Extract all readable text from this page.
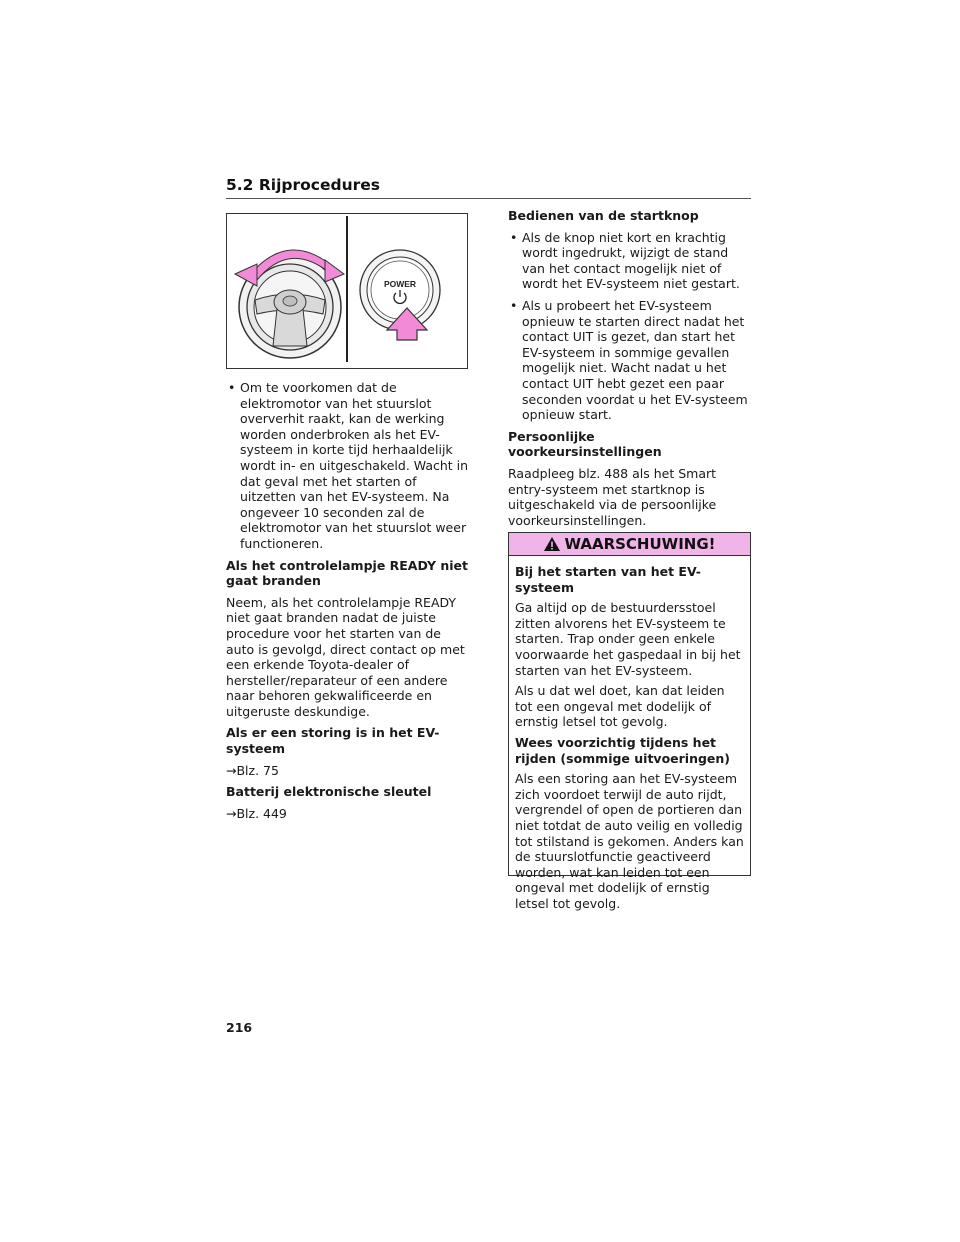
5.2 Rijprocedures
POWER
• Om te voorkomen dat de elektromotor van het stuurslot oververhit raakt, kan de werking worden onderbroken als het EV-systeem in korte tijd herhaaldelijk wordt in- en uitgeschakeld. Wacht in dat geval met het starten of uitzetten van het EV-systeem. Na ongeveer 10 seconden zal de elektromotor van het stuurslot weer functioneren.
Als het controlelampje READY niet gaat branden
Neem, als het controlelampje READY niet gaat branden nadat de juiste procedure voor het starten van de auto is gevolgd, direct contact op met een erkende Toyota-dealer of hersteller/reparateur of een andere naar behoren gekwalificeerde en uitgeruste deskundige.
Als er een storing is in het EV-systeem
→Blz. 75
Batterij elektronische sleutel
→Blz. 449
Bedienen van de startknop
• Als de knop niet kort en krachtig wordt ingedrukt, wijzigt de stand van het contact mogelijk niet of wordt het EV-systeem niet gestart.
• Als u probeert het EV-systeem opnieuw te starten direct nadat het contact UIT is gezet, dan start het EV-systeem in sommige gevallen mogelijk niet. Wacht nadat u het contact UIT hebt gezet een paar seconden voordat u het EV-systeem opnieuw start.
Persoonlijke voorkeursinstellingen
Raadpleeg blz. 488 als het Smart entry-systeem met startknop is uitgeschakeld via de persoonlijke voorkeursinstellingen.
WAARSCHUWING!
Bij het starten van het EV-systeem
Ga altijd op de bestuurdersstoel zitten alvorens het EV-systeem te starten. Trap onder geen enkele voorwaarde het gaspedaal in bij het starten van het EV-systeem.
Als u dat wel doet, kan dat leiden tot een ongeval met dodelijk of ernstig letsel tot gevolg.
Wees voorzichtig tijdens het rijden (sommige uitvoeringen)
Als een storing aan het EV-systeem zich voordoet terwijl de auto rijdt, vergrendel of open de portieren dan niet totdat de auto veilig en volledig tot stilstand is gekomen. Anders kan de stuurslotfunctie geactiveerd worden, wat kan leiden tot een ongeval met dodelijk of ernstig letsel tot gevolg.
216
